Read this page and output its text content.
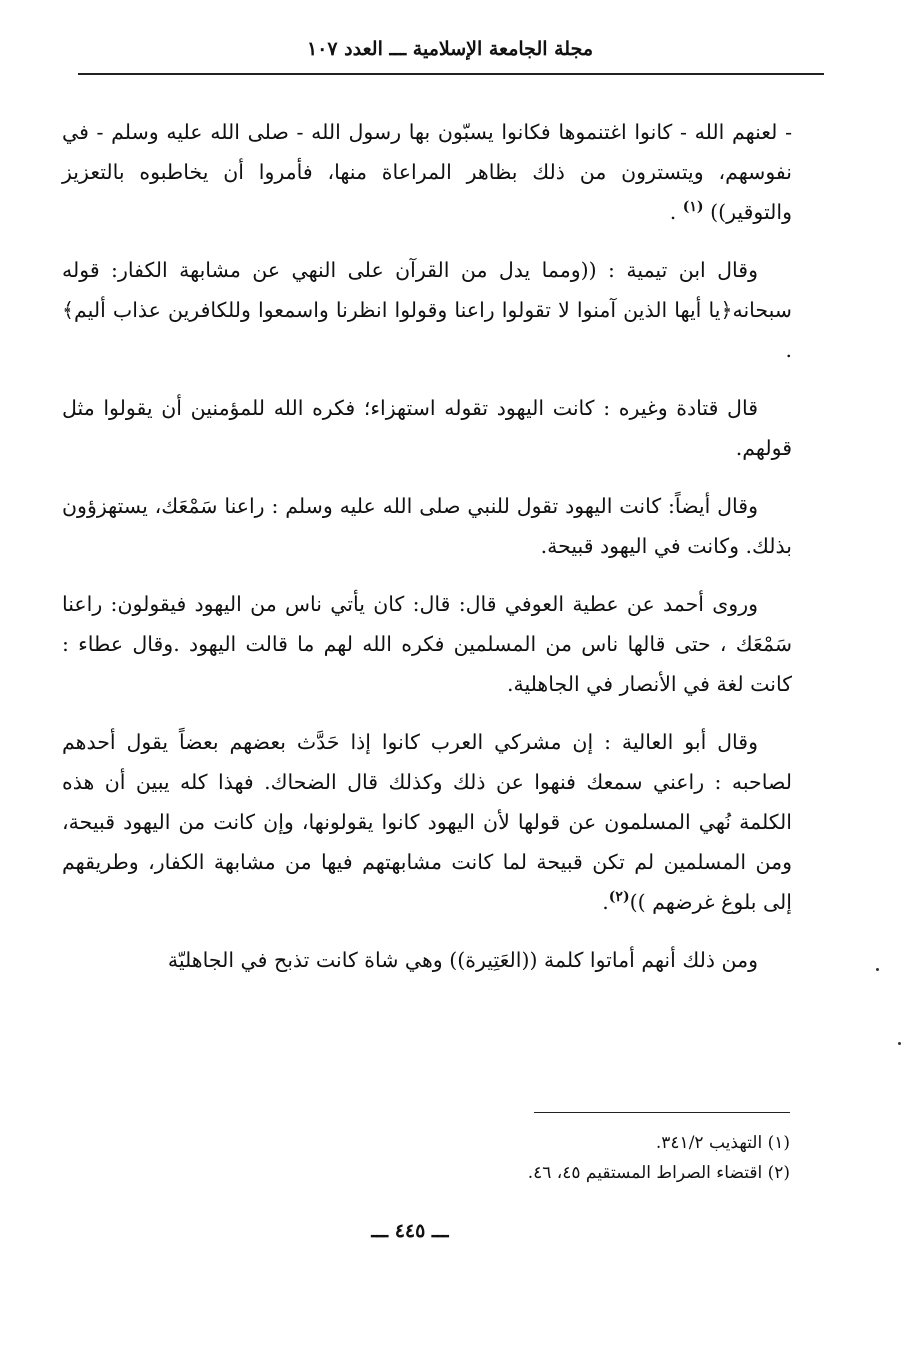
مجلة الجامعة الإسلامية ـــ العدد ١٠٧

- لعنهم الله - كانوا اغتنموها فكانوا يسبّون بها رسول الله - صلى الله عليه وسلم - في نفوسهم، ويتسترون من ذلك بظاهر المراعاة منها، فأمروا أن يخاطبوه بالتعزيز والتوقير)) $^{(١)}$ .

وقال ابن تيمية : ((ومما يدل من القرآن على النهي عن مشابهة الكفار: قوله سبحانه﴿يا أيها الذين آمنوا لا تقولوا راعنا وقولوا انظرنا واسمعوا وللكافرين عذاب أليم﴾ .

قال قتادة وغيره : كانت اليهود تقوله استهزاء؛ فكره الله للمؤمنين أن يقولوا مثل قولهم.

وقال أيضاً: كانت اليهود تقول للنبي صلى الله عليه وسلم : راعنا سَمْعَك، يستهزؤون بذلك. وكانت في اليهود قبيحة.

وروى أحمد عن عطية العوفي قال: قال: كان يأتي ناس من اليهود فيقولون: راعنا سَمْعَك ، حتى قالها ناس من المسلمين فكره الله لهم ما قالت اليهود .وقال عطاء : كانت لغة في الأنصار في الجاهلية.

وقال أبو العالية : إن مشركي العرب كانوا إذا حَدَّث بعضهم بعضاً يقول أحدهم لصاحبه : راعني سمعك فنهوا عن ذلك وكذلك قال الضحاك. فهذا كله يبين أن هذه الكلمة نُهي المسلمون عن قولها لأن اليهود كانوا يقولونها، وإن كانت من اليهود قبيحة، ومن المسلمين لم تكن قبيحة لما كانت مشابهتهم فيها من مشابهة الكفار، وطريقهم إلى بلوغ غرضهم ))$^{(٢)}$.

ومن ذلك أنهم أماتوا كلمة ((العَتِيرة)) وهي شاة كانت تذبح في الجاهليّة

(١) التهذيب ٣٤١/٢.

(٢) اقتضاء الصراط المستقيم ٤٥، ٤٦.

ـــ ٤٤٥ ـــ
